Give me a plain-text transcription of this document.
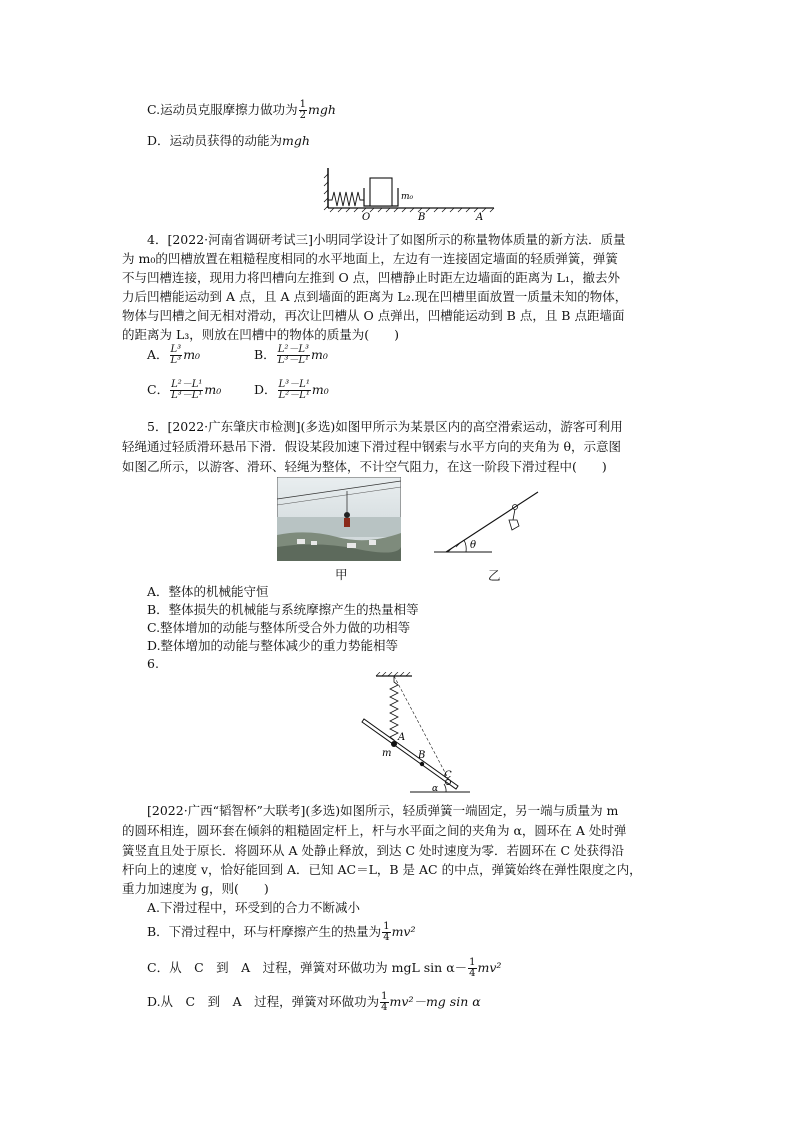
C.运动员克服摩擦力做功为 $\frac{1}{2}$ mgh
D．运动员获得的动能为mgh
m₀
O	B	A
4．[2022·河南省调研考试三]小明同学设计了如图所示的称量物体质量的新方法．质量
为 m₀的凹槽放置在粗糙程度相同的水平地面上，左边有一连接固定墙面的轻质弹簧，弹簧
不与凹槽连接，现用力将凹槽向左推到 O 点，凹槽静止时距左边墙面的距离为 L₁，撤去外
力后凹槽能运动到 A 点，且 A 点到墙面的距离为 L₂.现在凹槽里面放置一质量未知的物体，
物体与凹槽之间无相对滑动，再次让凹槽从 O 点弹出，凹槽能运动到 B 点，且 B 点距墙面
的距离为 L₃，则放在凹槽中的物体的质量为(　　)
A． $\frac{\text{L³}}{\text{L³}} m_0$	B． $\frac{\text{L²－L³}}{\text{L³－L¹}} m_0$
C． $\frac{\text{L²－L¹}}{\text{L³－L¹}} m_0$	D． $\frac{\text{L³－L¹}}{\text{L²－L¹}} m_0$
5．[2022·广东肇庆市检测](多选)如图甲所示为某景区内的高空滑索运动，游客可利用
轻绳通过轻质滑环悬吊下滑．假设某段加速下滑过程中钢索与水平方向的夹角为 θ，示意图
如图乙所示，以游客、滑环、轻绳为整体，不计空气阻力，在这一阶段下滑过程中(　　)
甲
θ
乙
A．整体的机械能守恒
B．整体损失的机械能与系统摩擦产生的热量相等
C.整体增加的动能与整体所受合外力做的功相等
D.整体增加的动能与整体减少的重力势能相等
6.
A
m	B
C
α
[2022·广西“韬智杯”大联考](多选)如图所示，轻质弹簧一端固定，另一端与质量为 m
的圆环相连，圆环套在倾斜的粗糙固定杆上，杆与水平面之间的夹角为 α，圆环在 A 处时弹
簧竖直且处于原长．将圆环从 A 处静止释放，到达 C 处时速度为零．若圆环在 C 处获得沿
杆向上的速度 v，恰好能回到 A．已知 AC＝L，B 是 AC 的中点，弹簧始终在弹性限度之内，
重力加速度为 g，则(　　)
A.下滑过程中，环受到的合力不断减小
B．下滑过程中，环与杆摩擦产生的热量为 $\frac{1}{4} mv^2$
C．从　C　到　A　过程，弹簧对环做功为 mgL $\sin \alpha- \frac{1}{4} mv^2$
D.从　C　到　A　过程，弹簧对环做功为 $\frac{1}{4} mv^2-mg$ sin α
